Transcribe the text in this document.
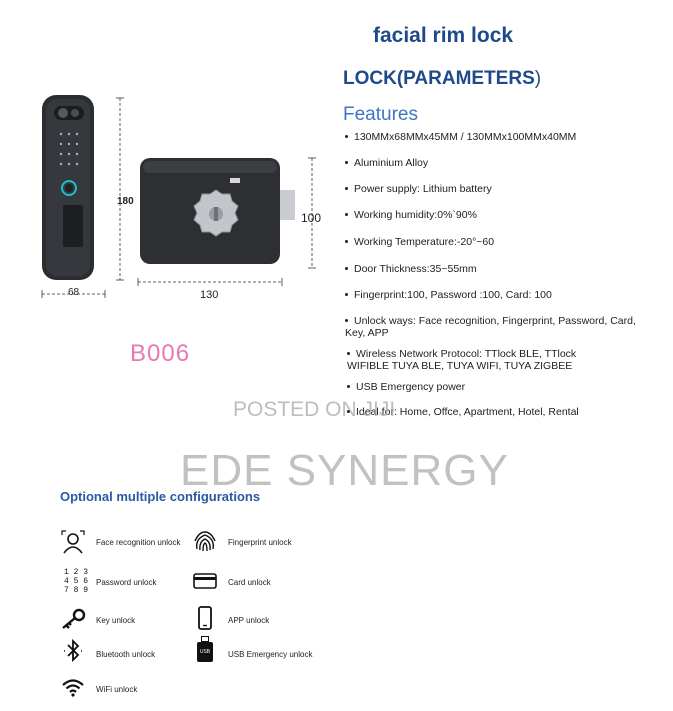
facial rim lock
LOCK(PARAMETERS)
Features
130MMx68MMx45MM / 130MMx100MMx40MM
Aluminium Alloy
Power supply: Lithium battery
Working humidity:0%`90%
Working Temperature:-20°~60
Door Thickness:35~55mm
Fingerprint:100, Password :100, Card: 100
Unlock ways: Face recognition, Fingerprint, Password, Card, Key, APP
Wireless Network Protocol: TTlock BLE, TTlock WIFIBLE TUYA BLE, TUYA WIFI, TUYA ZIGBEE
USB Emergency power
Ideal for: Home, Offce, Apartment, Hotel, Rental
180
68
100
130
B006
POSTED ON JIJI
EDE SYNERGY
Optional multiple configurations
Face recognition unlock	Fingerprint unlock
1 2 3
4 5 6
7 8 9
Password unlock	Card unlock
Key unlock	APP unlock
Bluetooth unlock	USB	USB Emergency unlock
WiFi unlock
